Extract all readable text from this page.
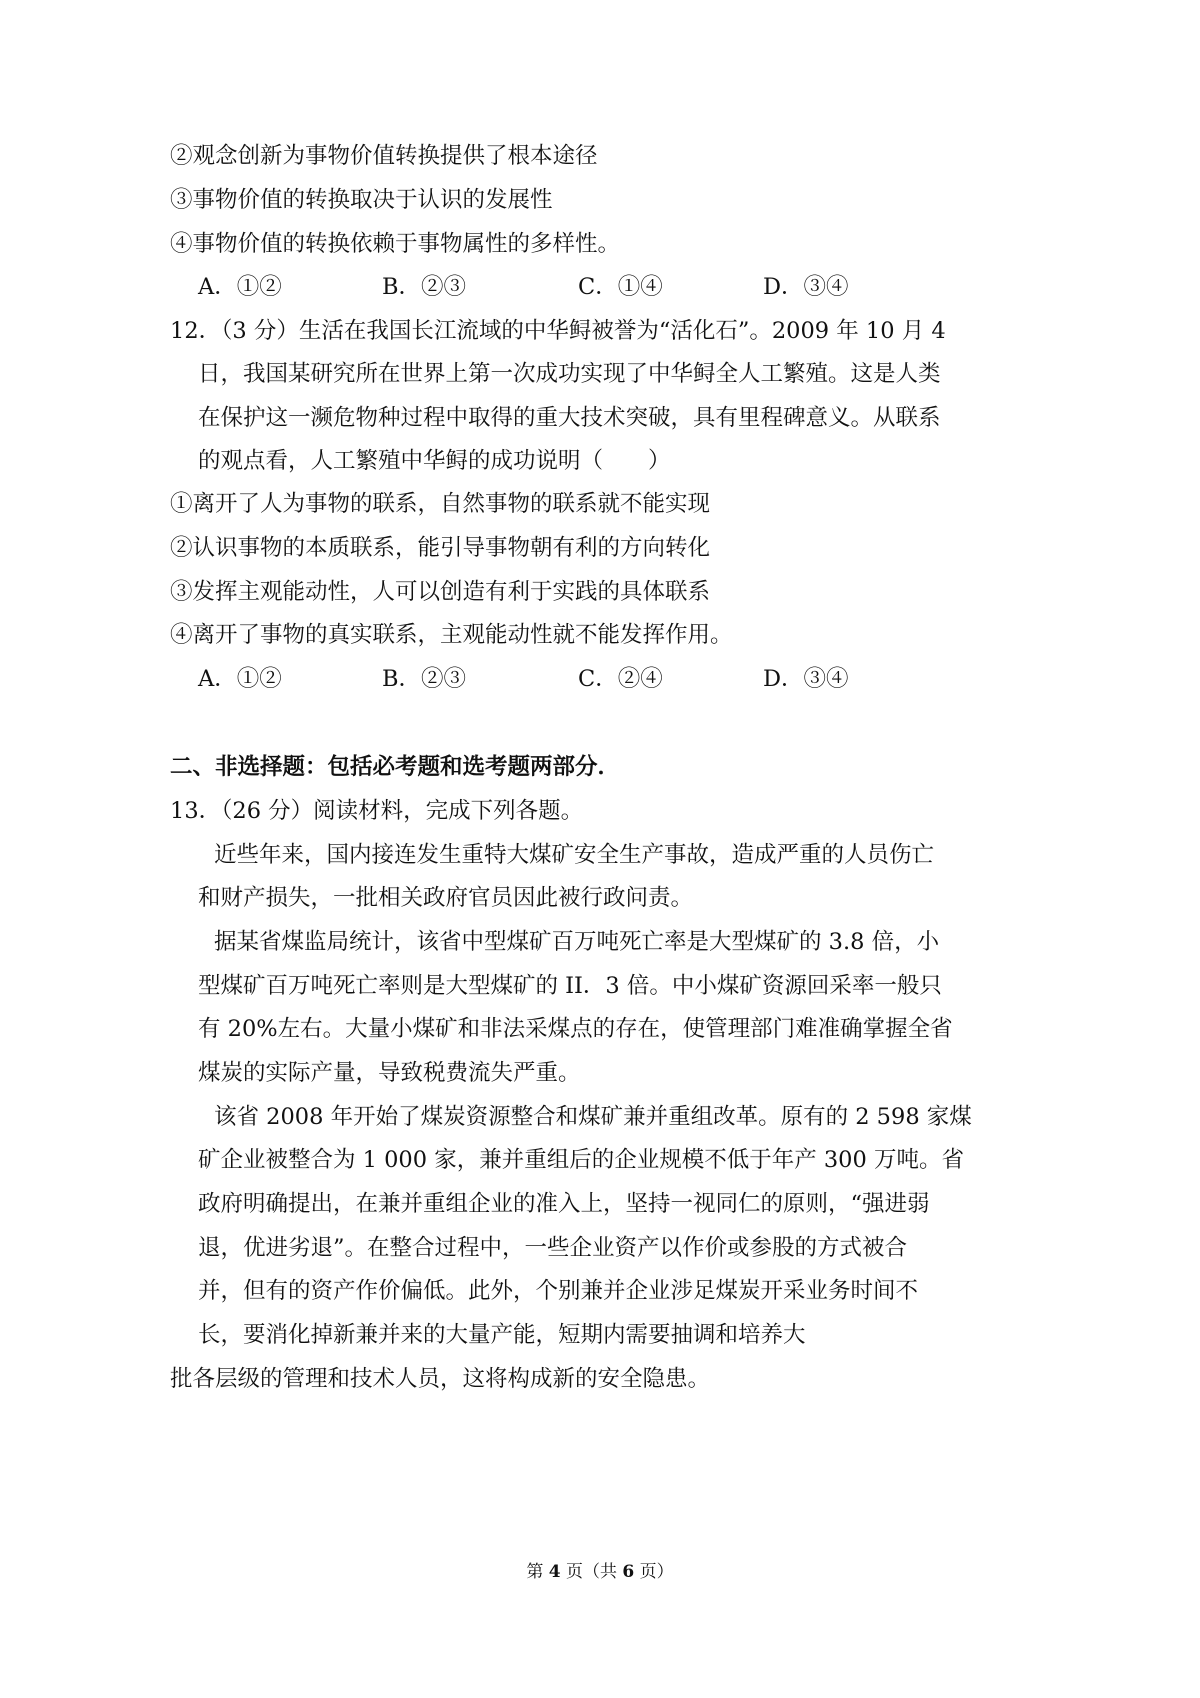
②观念创新为事物价值转换提供了根本途径
③事物价值的转换取决于认识的发展性
④事物价值的转换依赖于事物属性的多样性。
A．①②	B．②③	C．①④	D．③④
12．（3 分）生活在我国长江流域的中华鲟被誉为“活化石”。2009 年 10 月 4
日，我国某研究所在世界上第一次成功实现了中华鲟全人工繁殖。这是人类
在保护这一濒危物种过程中取得的重大技术突破，具有里程碑意义。从联系
的观点看，人工繁殖中华鲟的成功说明（　　）
①离开了人为事物的联系，自然事物的联系就不能实现
②认识事物的本质联系，能引导事物朝有利的方向转化
③发挥主观能动性，人可以创造有利于实践的具体联系
④离开了事物的真实联系，主观能动性就不能发挥作用。
A．①②	B．②③	C．②④	D．③④
二、非选择题：包括必考题和选考题两部分．
13．（26 分）阅读材料，完成下列各题。
近些年来，国内接连发生重特大煤矿安全生产事故，造成严重的人员伤亡
和财产损失，一批相关政府官员因此被行政问责。
据某省煤监局统计，该省中型煤矿百万吨死亡率是大型煤矿的 3.8 倍，小
型煤矿百万吨死亡率则是大型煤矿的 II．3 倍。中小煤矿资源回采率一般只
有 20%左右。大量小煤矿和非法采煤点的存在，使管理部门难准确掌握全省
煤炭的实际产量，导致税费流失严重。
该省 2008 年开始了煤炭资源整合和煤矿兼并重组改革。原有的 2 598 家煤
矿企业被整合为 1 000 家，兼并重组后的企业规模不低于年产 300 万吨。省
政府明确提出，在兼并重组企业的准入上，坚持一视同仁的原则，“强进弱
退，优进劣退”。在整合过程中，一些企业资产以作价或参股的方式被合
并，但有的资产作价偏低。此外，个别兼并企业涉足煤炭开采业务时间不
长，要消化掉新兼并来的大量产能，短期内需要抽调和培养大
批各层级的管理和技术人员，这将构成新的安全隐患。
第 4 页（共 6 页）
